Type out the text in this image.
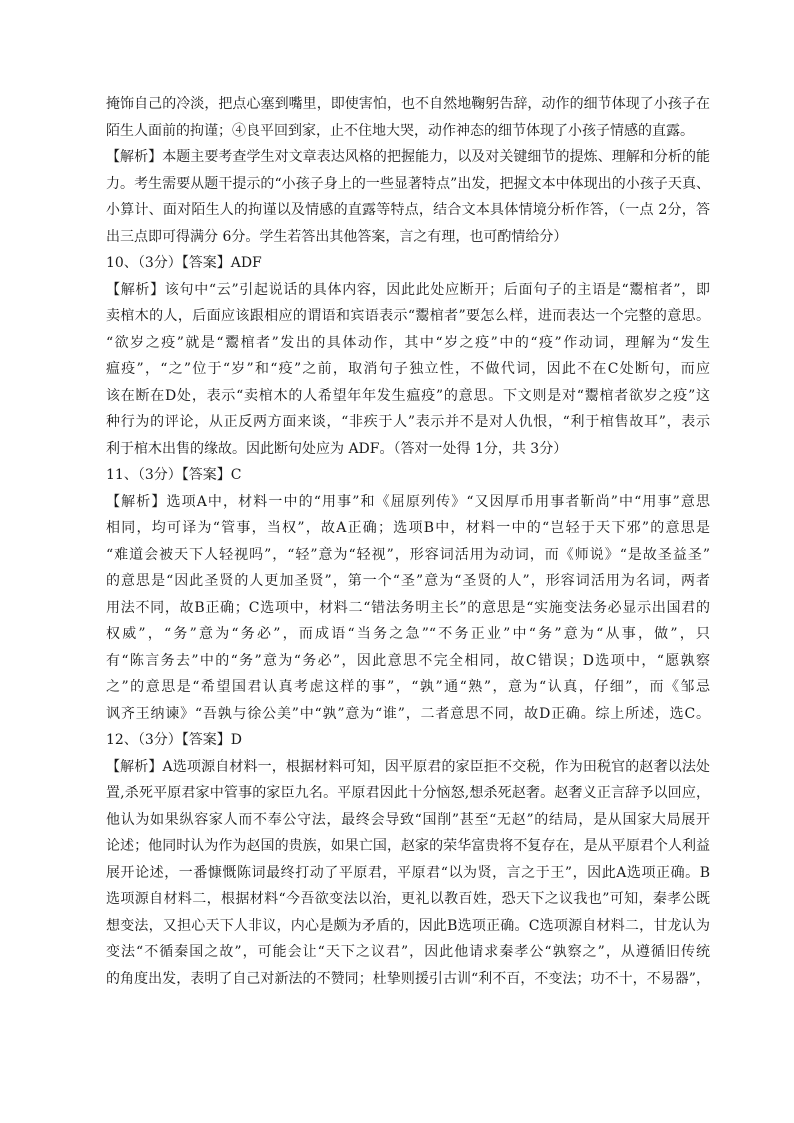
掩饰自己的冷淡，把点心塞到嘴里，即使害怕，也不自然地鞠躬告辞，动作的细节体现了小孩子在
陌生人面前的拘谨；④良平回到家，止不住地大哭，动作神态的细节体现了小孩子情感的直露。
【解析】本题主要考查学生对文章表达风格的把握能力，以及对关键细节的提炼、理解和分析的能
力。考生需要从题干提示的“小孩子身上的一些显著特点”出发，把握文本中体现出的小孩子天真、
小算计、面对陌生人的拘谨以及情感的直露等特点，结合文本具体情境分析作答，（一点 2分，答
出三点即可得满分 6分。学生若答出其他答案，言之有理，也可酌情给分）
10、（3分）【答案】ADF
【解析】该句中“云”引起说话的具体内容，因此此处应断开；后面句子的主语是“鬻棺者”，即
卖棺木的人，后面应该跟相应的谓语和宾语表示“鬻棺者”要怎么样，进而表达一个完整的意思。
“欲岁之疫”就是“鬻棺者”发出的具体动作，其中“岁之疫”中的“疫”作动词，理解为“发生
瘟疫”，“之”位于“岁”和“疫”之前，取消句子独立性，不做代词，因此不在C处断句，而应
该在断在D处，表示“卖棺木的人希望年年发生瘟疫”的意思。下文则是对“鬻棺者欲岁之疫”这
种行为的评论，从正反两方面来谈，“非疾于人”表示并不是对人仇恨，“利于棺售故耳”，表示
利于棺木出售的缘故。因此断句处应为 ADF。（答对一处得 1分，共 3分）
11、（3分）【答案】C
【解析】选项A中，材料一中的“用事”和《屈原列传》“又因厚币用事者靳尚”中“用事”意思
相同，均可译为“管事，当权”，故A正确；选项B中，材料一中的“岂轻于天下邪”的意思是
“难道会被天下人轻视吗”，“轻”意为“轻视”，形容词活用为动词，而《师说》“是故圣益圣”
的意思是“因此圣贤的人更加圣贤”，第一个“圣”意为“圣贤的人”，形容词活用为名词，两者
用法不同，故B正确；C选项中，材料二“错法务明主长”的意思是“实施变法务必显示出国君的
权威”，“务”意为“务必”，而成语“当务之急”“不务正业”中“务”意为“从事，做”，只
有“陈言务去”中的“务”意为“务必”，因此意思不完全相同，故C错误；D选项中，“愿孰察
之”的意思是“希望国君认真考虑这样的事”，“孰”通“熟”，意为“认真，仔细”，而《邹忌
讽齐王纳谏》“吾孰与徐公美”中“孰”意为“谁”，二者意思不同，故D正确。综上所述，选C。
12、（3分）【答案】D
【解析】A选项源自材料一，根据材料可知，因平原君的家臣拒不交税，作为田税官的赵奢以法处
置,杀死平原君家中管事的家臣九名。平原君因此十分恼怒,想杀死赵奢。赵奢义正言辞予以回应，
他认为如果纵容家人而不奉公守法，最终会导致“国削”甚至“无赵”的结局，是从国家大局展开
论述；他同时认为作为赵国的贵族，如果亡国，赵家的荣华富贵将不复存在，是从平原君个人利益
展开论述，一番慷慨陈词最终打动了平原君，平原君“以为贤，言之于王”，因此A选项正确。B
选项源自材料二，根据材料“今吾欲变法以治，更礼以教百姓，恐天下之议我也”可知，秦孝公既
想变法，又担心天下人非议，内心是颇为矛盾的，因此B选项正确。C选项源自材料二，甘龙认为
变法“不循秦国之故”，可能会让“天下之议君”，因此他请求秦孝公“孰察之”，从遵循旧传统
的角度出发，表明了自己对新法的不赞同；杜挚则援引古训“利不百，不变法；功不十，不易器”，
